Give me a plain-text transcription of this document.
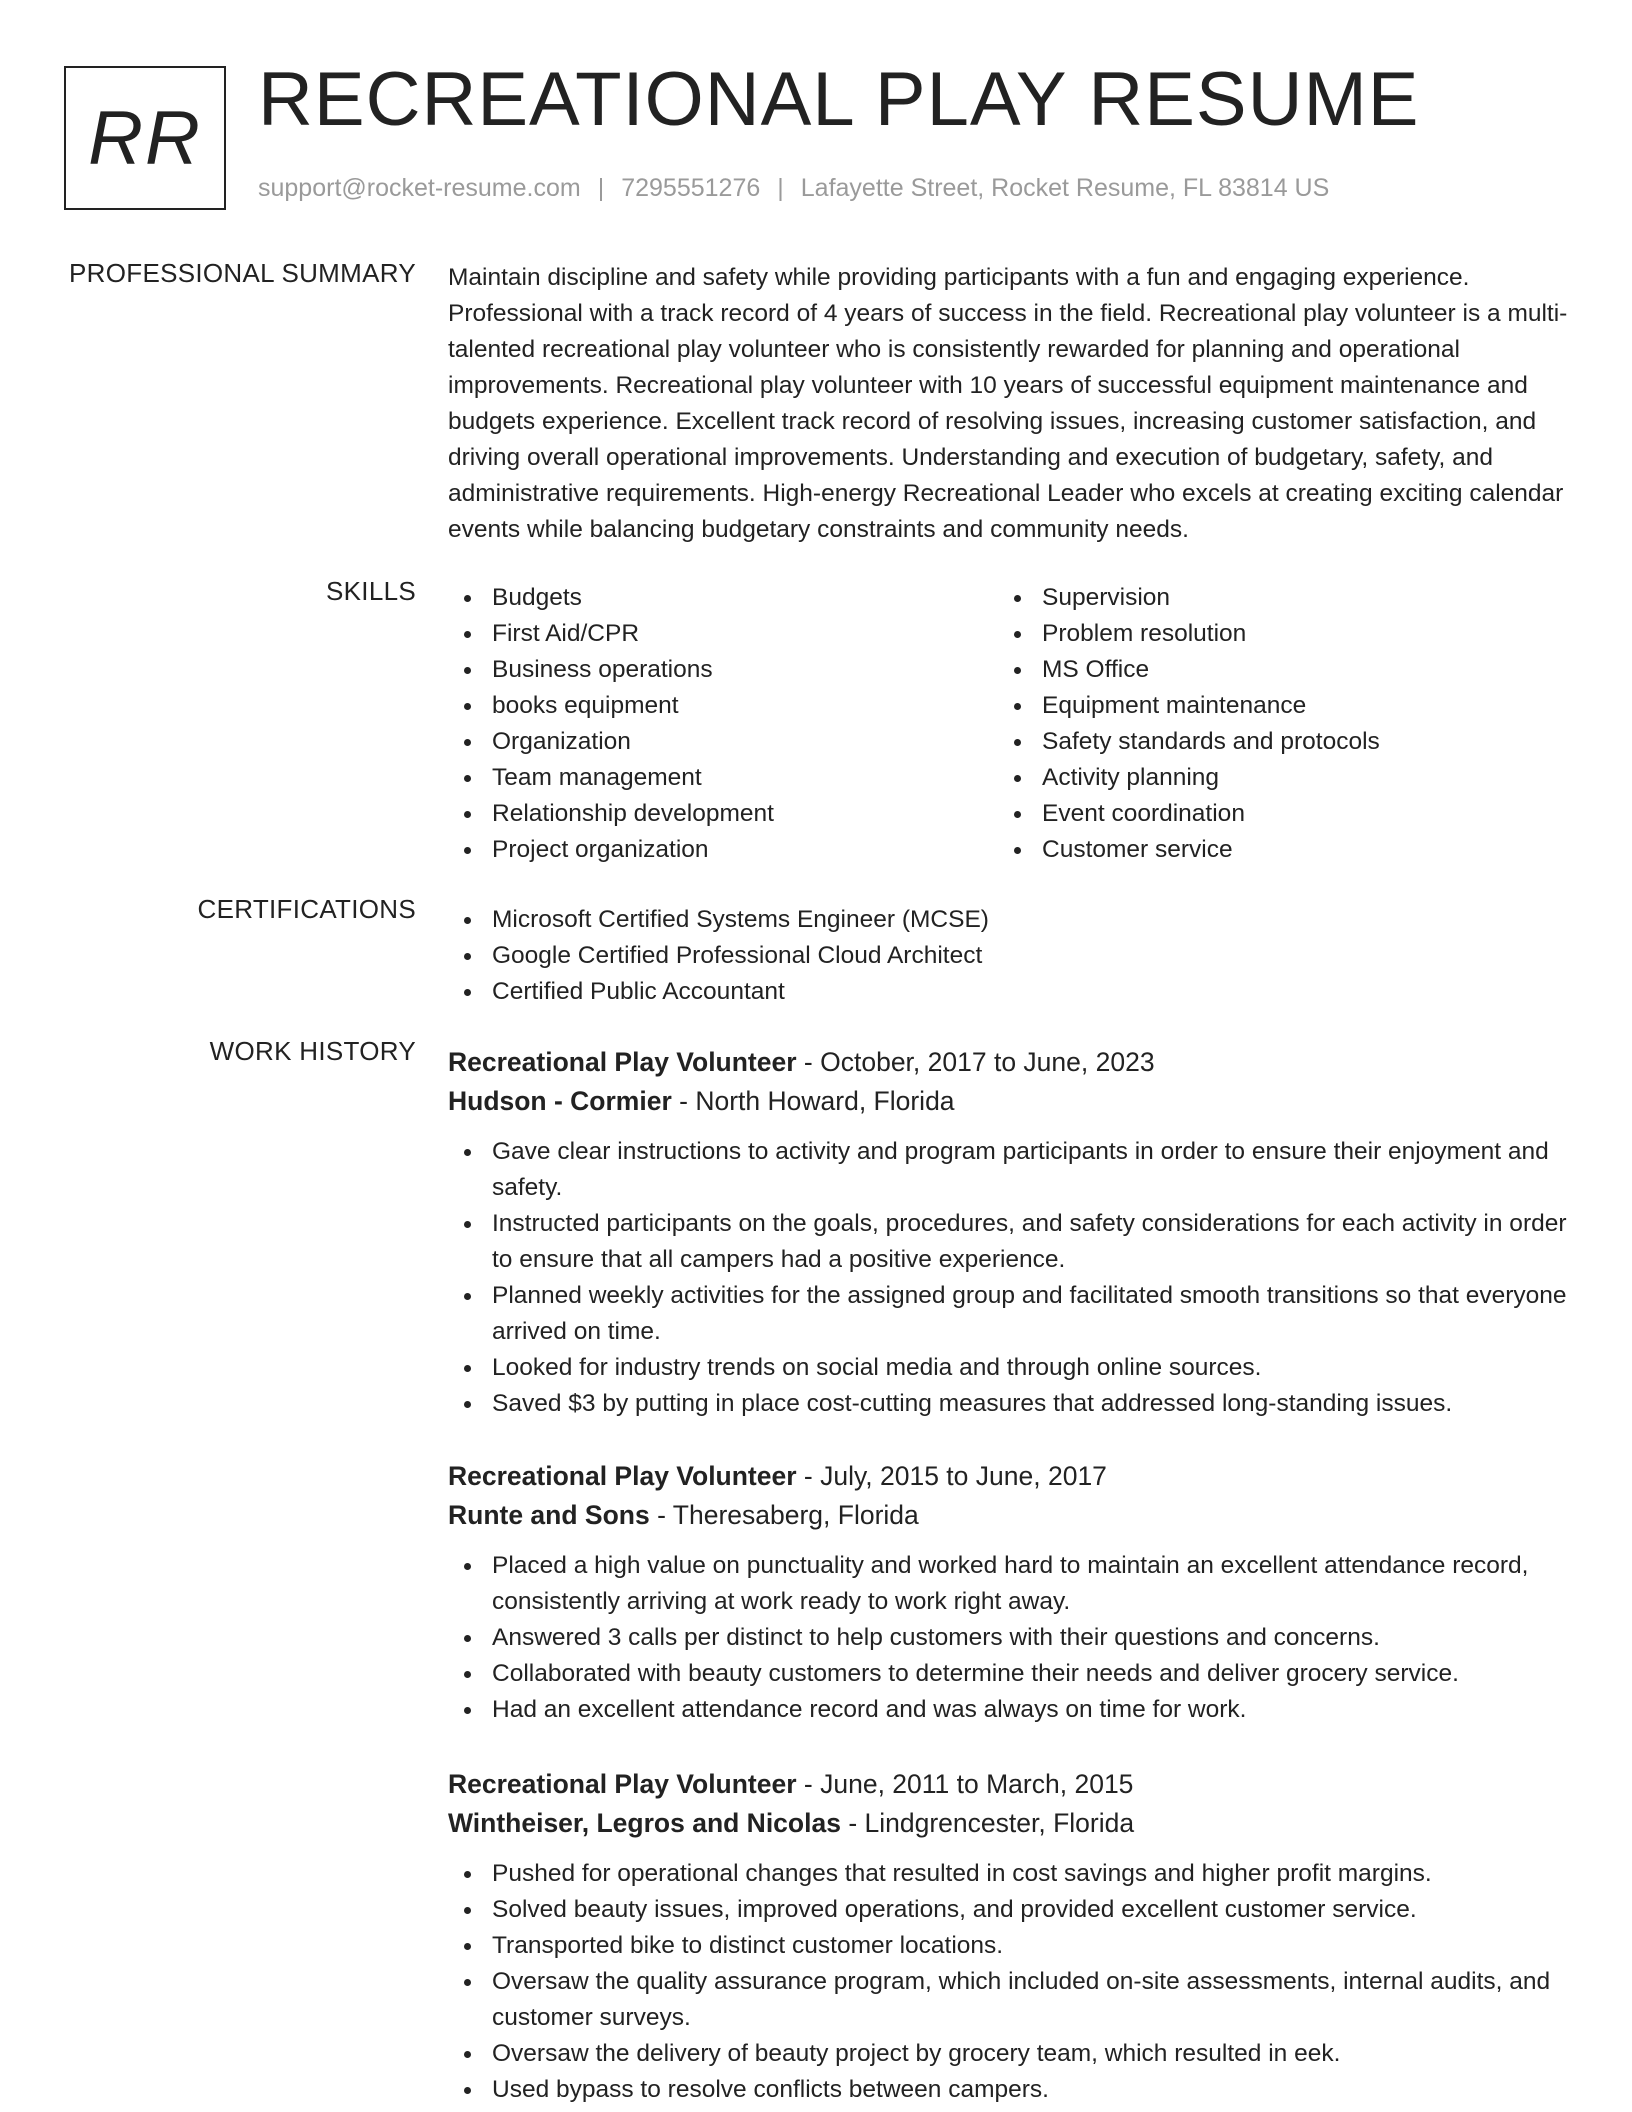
RR RECREATIONAL PLAY RESUME
support@rocket-resume.com | 7295551276 | Lafayette Street, Rocket Resume, FL 83814 US
PROFESSIONAL SUMMARY Maintain discipline and safety while providing participants with a fun and engaging experience. Professional with a track record of 4 years of success in the field. Recreational play volunteer is a multi-talented recreational play volunteer who is consistently rewarded for planning and operational improvements. Recreational play volunteer with 10 years of successful equipment maintenance and budgets experience. Excellent track record of resolving issues, increasing customer satisfaction, and driving overall operational improvements. Understanding and execution of budgetary, safety, and administrative requirements. High-energy Recreational Leader who excels at creating exciting calendar events while balancing budgetary constraints and community needs.

SKILLS	Budgets
First Aid/CPR
Business operations
books equipment
Organization
Team management
Relationship development
Project organization
Supervision
Problem resolution
MS Office
Equipment maintenance
Safety standards and protocols
Activity planning
Event coordination
Customer service
CERTIFICATIONS	Microsoft Certified Systems Engineer (MCSE)
Google Certified Professional Cloud Architect
Certified Public Accountant
WORK HISTORY Recreational Play Volunteer - October, 2017 to June, 2023
Hudson - Cormier - North Howard, Florida
Gave clear instructions to activity and program participants in order to ensure their enjoyment and safety.
Instructed participants on the goals, procedures, and safety considerations for each activity in order to ensure that all campers had a positive experience.
Planned weekly activities for the assigned group and facilitated smooth transitions so that everyone arrived on time.
Looked for industry trends on social media and through online sources.
Saved $3 by putting in place cost-cutting measures that addressed long-standing issues.
Recreational Play Volunteer - July, 2015 to June, 2017
Runte and Sons - Theresaberg, Florida
Placed a high value on punctuality and worked hard to maintain an excellent attendance record, consistently arriving at work ready to work right away.
Answered 3 calls per distinct to help customers with their questions and concerns.
Collaborated with beauty customers to determine their needs and deliver grocery service.
Had an excellent attendance record and was always on time for work.
Recreational Play Volunteer - June, 2011 to March, 2015
Wintheiser, Legros and Nicolas - Lindgrencester, Florida
Pushed for operational changes that resulted in cost savings and higher profit margins.
Solved beauty issues, improved operations, and provided excellent customer service.
Transported bike to distinct customer locations.
Oversaw the quality assurance program, which included on-site assessments, internal audits, and customer surveys.
Oversaw the delivery of beauty project by grocery team, which resulted in eek.
Used bypass to resolve conflicts between campers.
